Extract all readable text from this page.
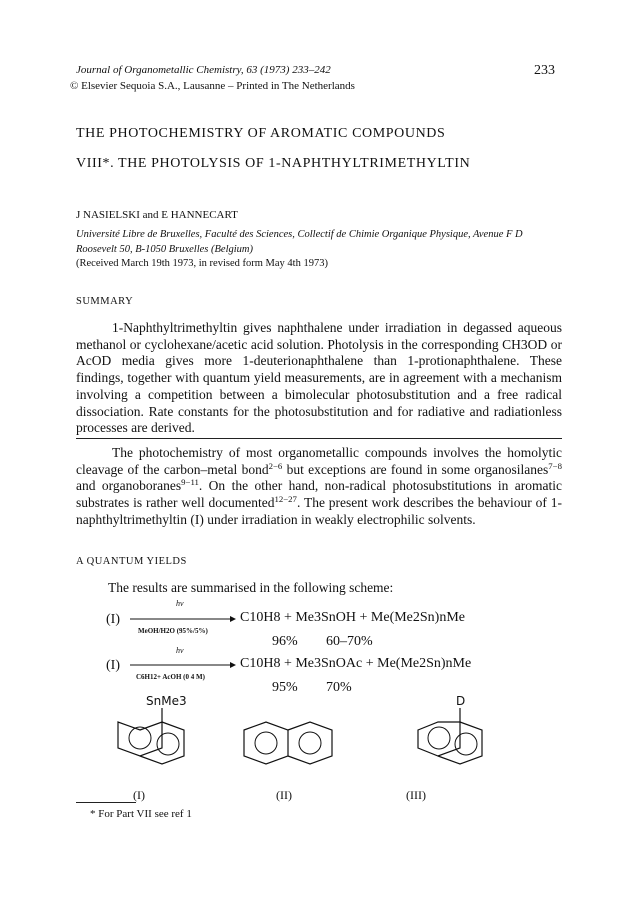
Journal of Organometallic Chemistry, 63 (1973) 233–242
© Elsevier Sequoia S.A., Lausanne – Printed in The Netherlands
233
THE PHOTOCHEMISTRY OF AROMATIC COMPOUNDS
VIII*. THE PHOTOLYSIS OF 1-NAPHTHYLTRIMETHYLTIN
J NASIELSKI and E HANNECART
Université Libre de Bruxelles, Faculté des Sciences, Collectif de Chimie Organique Physique, Avenue F D Roosevelt 50, B-1050 Bruxelles (Belgium)
(Received March 19th 1973, in revised form May 4th 1973)
SUMMARY
1-Naphthyltrimethyltin gives naphthalene under irradiation in degassed aqueous methanol or cyclohexane/acetic acid solution. Photolysis in the corresponding CH3OD or AcOD media gives more 1-deuterionaphthalene than 1-protionaphthalene. These findings, together with quantum yield measurements, are in agreement with a mechanism involving a competition between a bimolecular photosubstitution and a free radical dissociation. Rate constants for the photosubstitution and for radiative and radiationless processes are derived.
The photochemistry of most organometallic compounds involves the homolytic cleavage of the carbon–metal bond$^{2-6}$ but exceptions are found in some organosilanes$^{7-8}$ and organoboranes$^{9-11}$. On the other hand, non-radical photosubstitutions in aromatic substrates is rather well documented$^{12-27}$. The present work describes the behaviour of 1-naphthyltrimethyltin (I) under irradiation in weakly electrophilic solvents.
A QUANTUM YIELDS
The results are summarised in the following scheme:
(I)
hν
MeOH/H2O (95%/5%)
C10H8 + Me3SnOH + Me(Me2Sn)nMe
96% 60–70%
(I)
hν
C6H12+ AcOH (0 4 M)
C10H8 + Me3SnOAc + Me(Me2Sn)nMe
95% 70%
SnMe3
(I)	(II)
D
(III)
* For Part VII see ref 1
